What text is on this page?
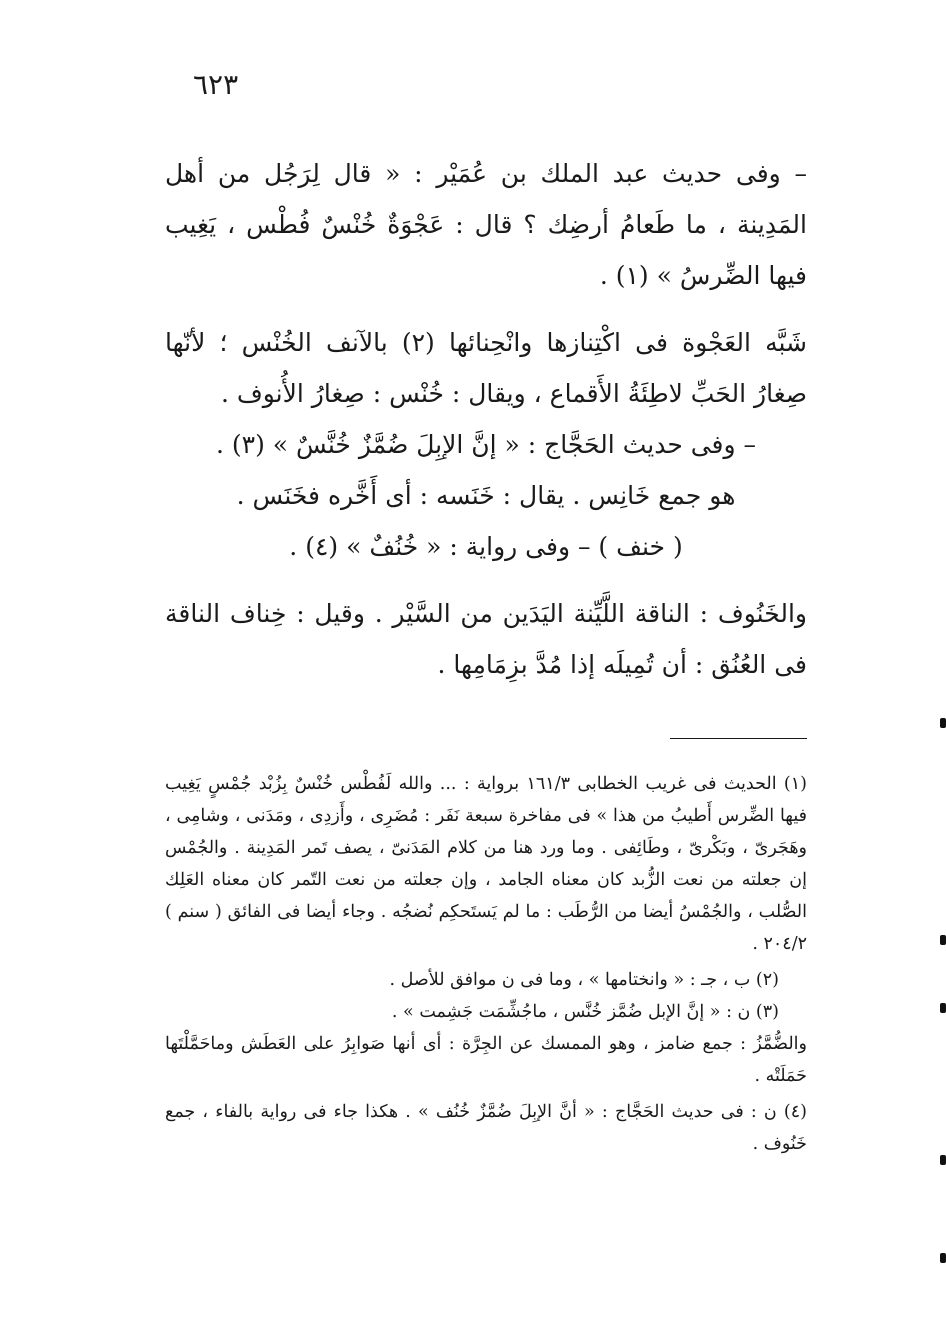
٦٢٣

– وفى حديث عبد الملك بن عُمَيْر : « قال لِرَجُل من أهل المَدِينة ، ما طَعامُ أرضِك ؟ قال : عَجْوَةٌ خُنْسٌ فُطْس ، يَغِيب فيها الضِّرسُ » (١) .

شَبَّه العَجْوة فى اكْتِنازها وانْحِنائها (٢) بالآنف الخُنْس ؛ لأنّها صِغارُ الحَبِّ لاطِئَةُ الأَقماع ، ويقال : خُنْس : صِغارُ الأُنوف .

– وفى حديث الحَجَّاج : « إنَّ الإبِلَ ضُمَّزٌ خُنَّسٌ » (٣) .

هو جمع خَانِس . يقال : خَنَسه : أى أَخَّره فخَنَس .

( خنف ) – وفى رواية : « خُنُفٌ » (٤) .

والخَنُوف : الناقة اللَّيِّنة اليَدَين من السَّيْر . وقيل : خِناف الناقة فى العُنُق : أن تُمِيلَه إذا مُدَّ بزِمَامِها .

(١) الحديث فى غريب الخطابى ١٦١/٣ برواية : ... والله لَفُطْس خُنْسٌ بِزُبْد جُمْسٍ يَغِيب فيها الضِّرس أَطيبُ من هذا » فى مفاخرة سبعة نَفَر : مُضَرِى ، وأَزدِى ، ومَدَنى ، وشامِى ، وهَجَرىّ ، وبَكْرىّ ، وطَائِفى . وما ورد هنا من كلام المَدَنىّ ، يصف تَمر المَدِينة . والجُمْس إن جعلته من نعت الزُّبد كان معناه الجامد ، وإن جعلته من نعت التّمر كان معناه العَلِك الصُّلب ، والجُمْسُ أيضا من الرُّطَب : ما لم يَستَحكِم نُضجُه . وجاء أيضا فى الفائق ( سنم ) ٢٠٤/٢ .

(٢) ب ، جـ : « وانختامها » ، وما فى ن موافق للأصل .

(٣) ن : « إنَّ الإبل ضُمَّز خُنَّس ، ماجُشِّمَت جَشِمت » .

والضُّمَّزُ : جمع ضامز ، وهو الممسك عن الجِرَّة : أى أنها صَوابِرُ على العَطَش وماحَمَّلْتَها حَمَلَتْه .

(٤) ن : فى حديث الحَجَّاج : « أنَّ الإبِلَ ضُمَّزٌ خُنُف » . هكذا جاء فى رواية بالفاء ، جمع خَنُوف .
